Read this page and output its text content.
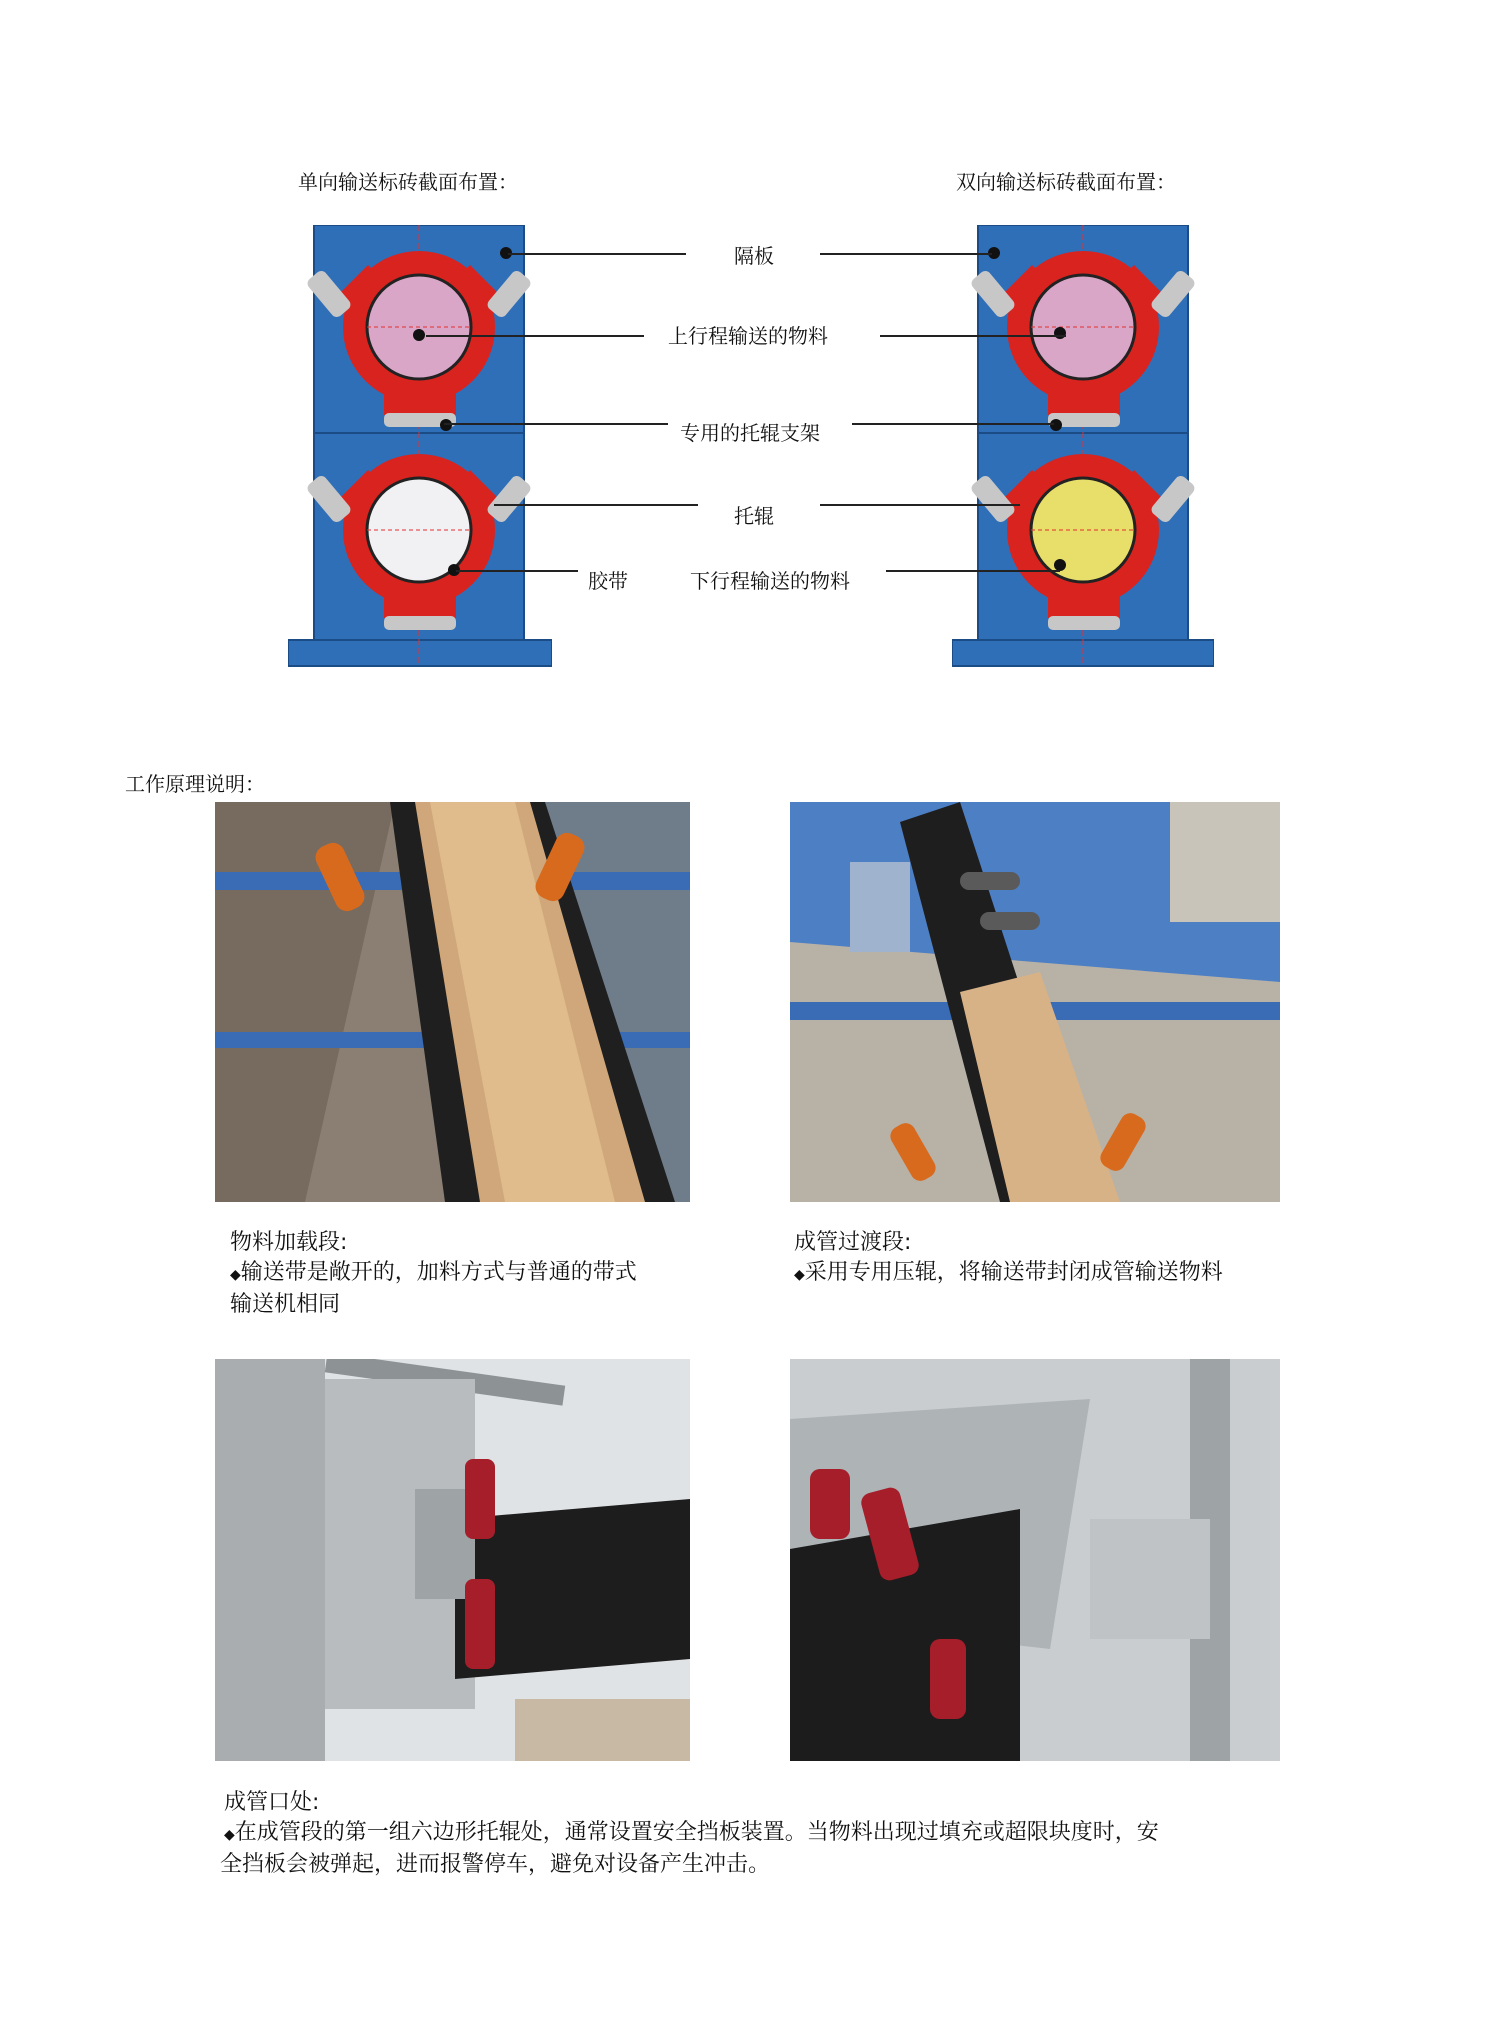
单向输送标砖截面布置：	双向输送标砖截面布置：
隔板
上行程输送的物料
专用的托辊支架
托辊
胶带	下行程输送的物料
工作原理说明：
物料加载段:
◆输送带是敞开的，加料方式与普通的带式
输送机相同
成管过渡段:
◆采用专用压辊，将输送带封闭成管输送物料
成管口处:
◆在成管段的第一组六边形托辊处，通常设置安全挡板装置。当物料出现过填充或超限块度时，安
全挡板会被弹起，进而报警停车，避免对设备产生冲击。
